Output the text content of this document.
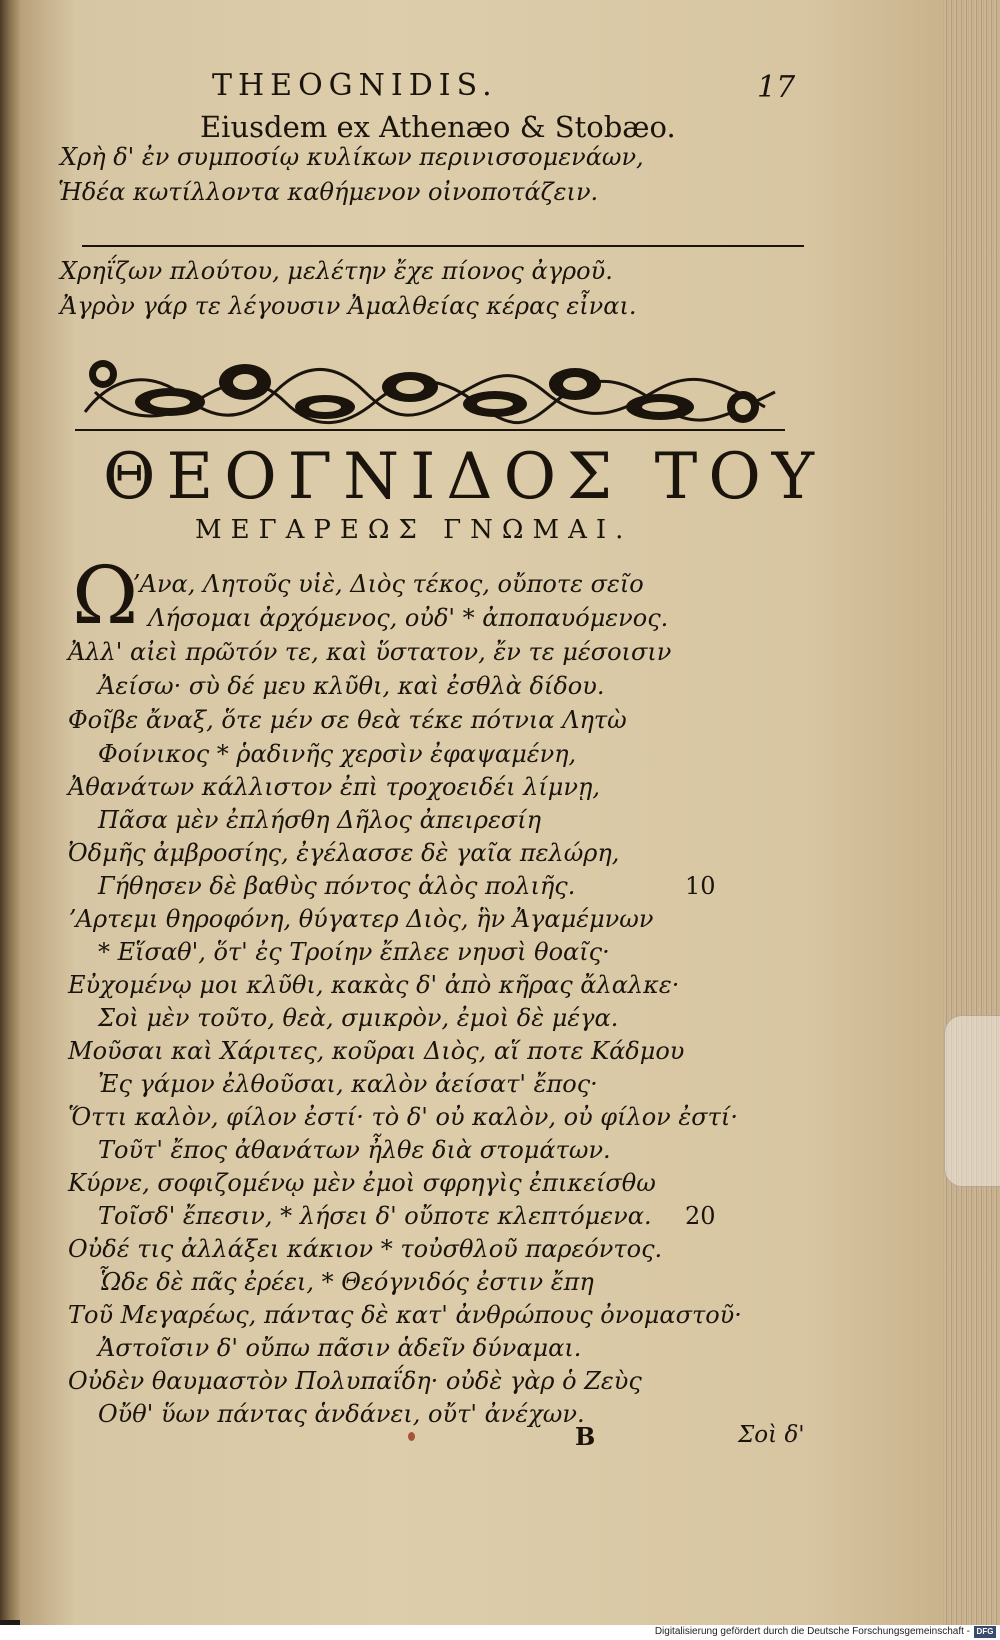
THEOGNIDIS.	17
Eiusdem ex Athenæo & Stobæo.
Χρὴ δ' ἐν συμποσίῳ κυλίκων περινισσομενάων,
Ἡδέα κωτίλλοντα καθήμενον οἰνοποτάζειν.
Χρηΐζων πλούτου, μελέτην ἔχε πίονος ἀγροῦ.
Ἀγρὸν γάρ τε λέγουσιν Ἀμαλθείας κέρας εἶναι.
ΘΕΟΓΝΙΔΟΣ ΤΟΥ
ΜΕΓΑΡΕΩΣ ΓΝΩΜΑΙ.
Ω
ʼΑνα, Λητοῦς υἱὲ, Διὸς τέκος, οὔποτε σεῖο
Λήσομαι ἀρχόμενος, οὐδ' * ἀποπαυόμενος.
Ἀλλ' αἰεὶ πρῶτόν τε, καὶ ὕστατον, ἔν τε μέσοισιν
Ἀείσω· σὺ δέ μευ κλῦθι, καὶ ἐσθλὰ δίδου.
Φοῖβε ἄναξ, ὅτε μέν σε θεὰ τέκε πότνια Λητὼ
Φοίνικος * ῥαδινῆς χερσὶν ἐφαψαμένη,
Ἀθανάτων κάλλιστον ἐπὶ τροχοειδέι λίμνῃ,
Πᾶσα μὲν ἐπλήσθη Δῆλος ἀπειρεσίη
Ὀδμῆς ἀμβροσίης, ἐγέλασσε δὲ γαῖα πελώρη,
Γήθησεν δὲ βαθὺς πόντος ἁλὸς πολιῆς.	10
ʼΑρτεμι θηροφόνη, θύγατερ Διὸς, ἣν Ἀγαμέμνων
* Εἵσαθ', ὅτ' ἐς Τροίην ἔπλεε νηυσὶ θοαῖς·
Εὐχομένῳ μοι κλῦθι, κακὰς δ' ἀπὸ κῆρας ἄλαλκε·
Σοὶ μὲν τοῦτο, θεὰ, σμικρὸν, ἐμοὶ δὲ μέγα.
Μοῦσαι καὶ Χάριτες, κοῦραι Διὸς, αἵ ποτε Κάδμου
Ἐς γάμον ἐλθοῦσαι, καλὸν ἀείσατ' ἔπος·
Ὅττι καλὸν, φίλον ἐστί· τὸ δ' οὐ καλὸν, οὐ φίλον ἐστί·
Τοῦτ' ἔπος ἀθανάτων ἦλθε διὰ στομάτων.
Κύρνε, σοφιζομένῳ μὲν ἐμοὶ σφρηγὶς ἐπικείσθω
Τοῖσδ' ἔπεσιν, * λήσει δ' οὔποτε κλεπτόμενα. 20
Οὐδέ τις ἀλλάξει κάκιον * τοὐσθλοῦ παρεόντος.
Ὧδε δὲ πᾶς ἐρέει, * Θεόγνιδός ἐστιν ἔπη
Τοῦ Μεγαρέως, πάντας δὲ κατ' ἀνθρώπους ὀνομαστοῦ·
Ἀστοῖσιν δ' οὔπω πᾶσιν ἁδεῖν δύναμαι.
Οὐδὲν θαυμαστὸν Πολυπαΐδη· οὐδὲ γὰρ ὁ Ζεὺς
Οὔθ' ὕων πάντας ἁνδάνει, οὔτ' ἀνέχων.
B	Σοὶ δ'
Digitalisierung gefördert durch die Deutsche Forschungsgemeinschaft - DFG
